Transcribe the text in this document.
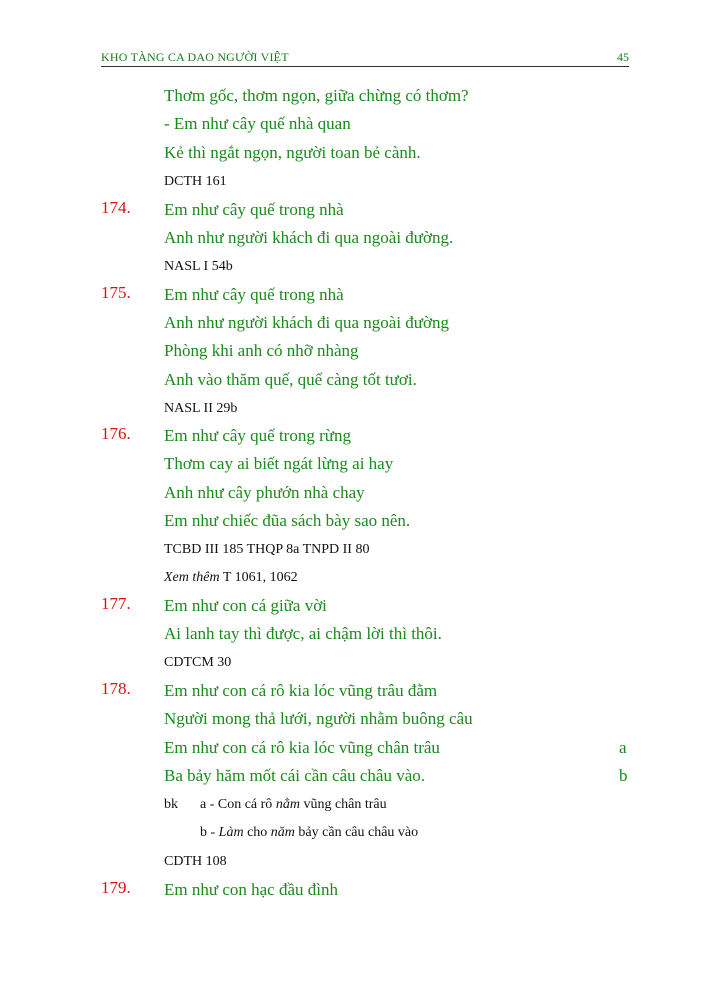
KHO TÀNG CA DAO NGƯỜI VIỆT	45
Thơm gốc, thơm ngọn, giữa chừng có thơm?
- Em như cây quế nhà quan
Kẻ thì ngắt ngọn, người toan bẻ cành.
DCTH 161
174. Em như cây quế trong nhà
Anh như người khách đi qua ngoài đường.
NASL I 54b
175. Em như cây quế trong nhà
Anh như người khách đi qua ngoài đường
Phòng khi anh có nhỡ nhàng
Anh vào thăm quế, quế càng tốt tươi.
NASL II 29b
176. Em như cây quế trong rừng
Thơm cay ai biết ngát lừng ai hay
Anh như cây phướn nhà chay
Em như chiếc đũa sách bày sao nên.
TCBD III 185 THQP 8a TNPD II 80
Xem thêm T 1061, 1062
177. Em như con cá giữa vời
Ai lanh tay thì được, ai chậm lời thì thôi.
CDTCM 30
178. Em như con cá rô kia lóc vũng trâu đằm
Người mong thả lưới, người nhằm buông câu
Em như con cá rô kia lóc vũng chân trâu	a
Ba bảy hăm mốt cái cần câu châu vào.	b
bk a - Con cá rô nằm vũng chân trâu
b - Làm cho năm bảy cần câu châu vào
CDTH 108
179. Em như con hạc đầu đình
